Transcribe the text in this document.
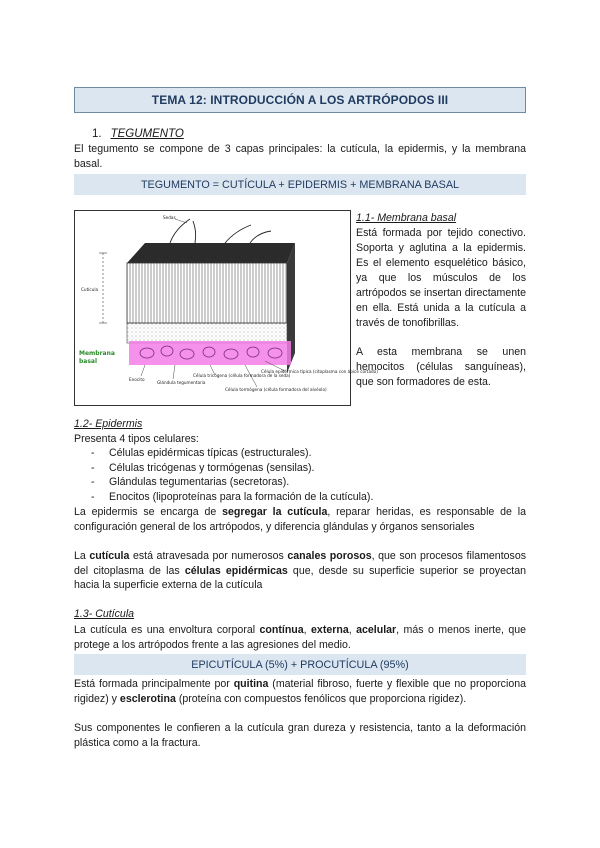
TEMA 12: INTRODUCCIÓN A LOS ARTRÓPODOS III
1. TEGUMENTO
El tegumento se compone de 3 capas principales: la cutícula, la epidermis, y la membrana basal.
TEGUMENTO = CUTÍCULA + EPIDERMIS + MEMBRANA BASAL
Sedas
Cutícula
Enocito
Glándula tegumentaria
Célula tricógena (célula formadora de la seda)
Célula epidérmica típica (citoplasma con ápice cortado)
Célula tormógena (célula formadora del alvéolo)
Membrana
basal
1.1- Membrana basal
Está formada por tejido conectivo. Soporta y aglutina a la epidermis. Es el elemento esquelético básico, ya que los músculos de los artrópodos se insertan directamente en ella. Está unida a la cutícula a través de tonofibrillas.
A esta membrana se unen hemocitos (células sanguíneas), que son formadores de esta.
1.2- Epidermis
Presenta 4 tipos celulares:
- Células epidérmicas típicas (estructurales).
- Células tricógenas y tormógenas (sensilas).
- Glándulas tegumentarias (secretoras).
- Enocitos (lipoproteínas para la formación de la cutícula).
La epidermis se encarga de segregar la cutícula, reparar heridas, es responsable de la configuración general de los artrópodos, y diferencia glándulas y órganos sensoriales
La cutícula está atravesada por numerosos canales porosos, que son procesos filamentosos del citoplasma de las células epidérmicas que, desde su superficie superior se proyectan hacia la superficie externa de la cutícula
1.3- Cutícula
La cutícula es una envoltura corporal contínua, externa, acelular, más o menos inerte, que protege a los artrópodos frente a las agresiones del medio.
EPICUTÍCULA (5%) + PROCUTÍCULA (95%)
Está formada principalmente por quitina (material fibroso, fuerte y flexible que no proporciona rigidez) y esclerotina (proteína con compuestos fenólicos que proporciona rigidez).
Sus componentes le confieren a la cutícula gran dureza y resistencia, tanto a la deformación plástica como a la fractura.
